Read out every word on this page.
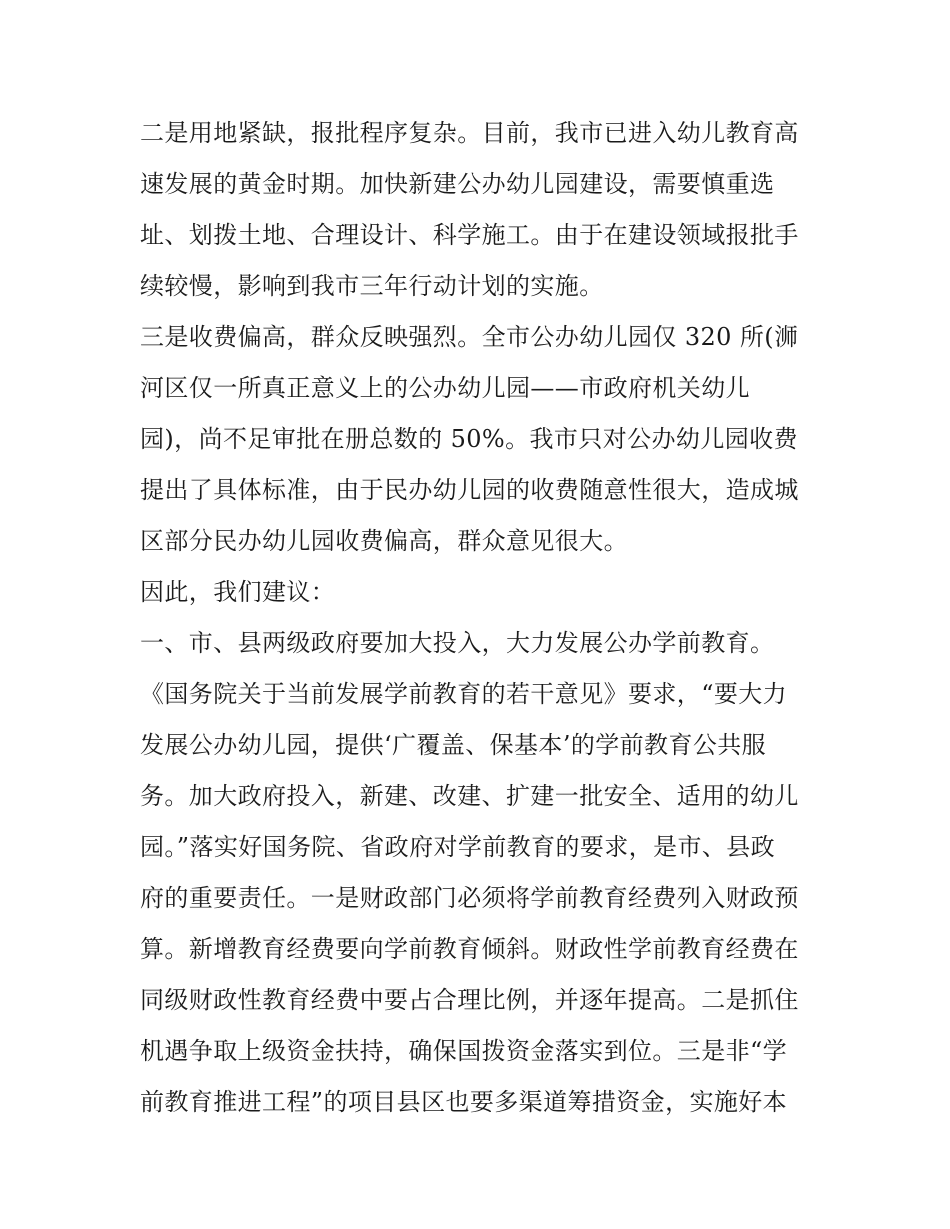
二是用地紧缺，报批程序复杂。目前，我市已进入幼儿教育高
速发展的黄金时期。加快新建公办幼儿园建设，需要慎重选
址、划拨土地、合理设计、科学施工。由于在建设领域报批手
续较慢，影响到我市三年行动计划的实施。
三是收费偏高，群众反映强烈。全市公办幼儿园仅 320 所(浉
河区仅一所真正意义上的公办幼儿园——市政府机关幼儿
园)，尚不足审批在册总数的 50%。我市只对公办幼儿园收费
提出了具体标准，由于民办幼儿园的收费随意性很大，造成城
区部分民办幼儿园收费偏高，群众意见很大。
因此，我们建议：
一、市、县两级政府要加大投入，大力发展公办学前教育。
《国务院关于当前发展学前教育的若干意见》要求，“要大力
发展公办幼儿园，提供‘广覆盖、保基本’的学前教育公共服
务。加大政府投入，新建、改建、扩建一批安全、适用的幼儿
园。”落实好国务院、省政府对学前教育的要求，是市、县政
府的重要责任。一是财政部门必须将学前教育经费列入财政预
算。新增教育经费要向学前教育倾斜。财政性学前教育经费在
同级财政性教育经费中要占合理比例，并逐年提高。二是抓住
机遇争取上级资金扶持，确保国拨资金落实到位。三是非“学
前教育推进工程”的项目县区也要多渠道筹措资金，实施好本
